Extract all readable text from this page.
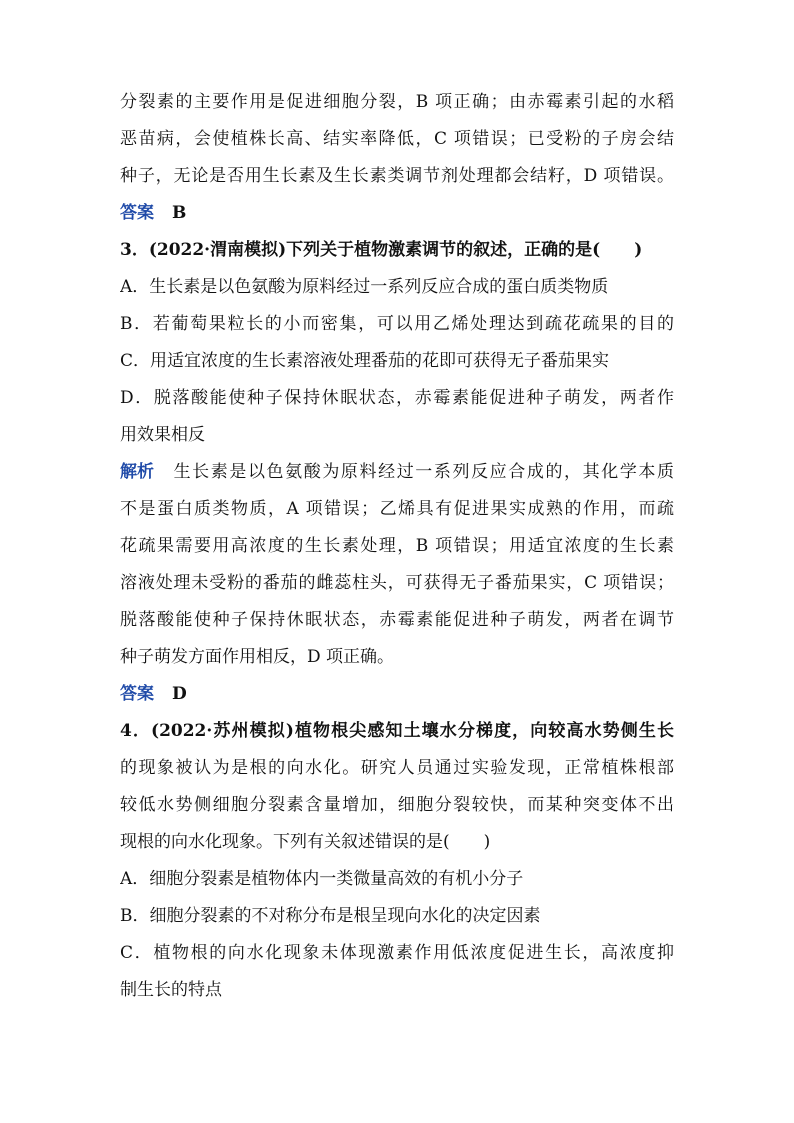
分裂素的主要作用是促进细胞分裂，B 项正确；由赤霉素引起的水稻
恶苗病，会使植株长高、结实率降低，C 项错误；已受粉的子房会结
种子，无论是否用生长素及生长素类调节剂处理都会结籽，D 项错误。
答案 B
3．(2022·渭南模拟)下列关于植物激素调节的叙述，正确的是(　　)
A．生长素是以色氨酸为原料经过一系列反应合成的蛋白质类物质
B．若葡萄果粒长的小而密集，可以用乙烯处理达到疏花疏果的目的
C．用适宜浓度的生长素溶液处理番茄的花即可获得无子番茄果实
D．脱落酸能使种子保持休眠状态，赤霉素能促进种子萌发，两者作
用效果相反
解析 生长素是以色氨酸为原料经过一系列反应合成的，其化学本质
不是蛋白质类物质，A 项错误；乙烯具有促进果实成熟的作用，而疏
花疏果需要用高浓度的生长素处理，B 项错误；用适宜浓度的生长素
溶液处理未受粉的番茄的雌蕊柱头，可获得无子番茄果实，C 项错误；
脱落酸能使种子保持休眠状态，赤霉素能促进种子萌发，两者在调节
种子萌发方面作用相反，D 项正确。
答案 D
4．(2022·苏州模拟)植物根尖感知土壤水分梯度，向较高水势侧生长
的现象被认为是根的向水化。研究人员通过实验发现，正常植株根部
较低水势侧细胞分裂素含量增加，细胞分裂较快，而某种突变体不出
现根的向水化现象。下列有关叙述错误的是(　　)
A．细胞分裂素是植物体内一类微量高效的有机小分子
B．细胞分裂素的不对称分布是根呈现向水化的决定因素
C．植物根的向水化现象未体现激素作用低浓度促进生长，高浓度抑
制生长的特点
